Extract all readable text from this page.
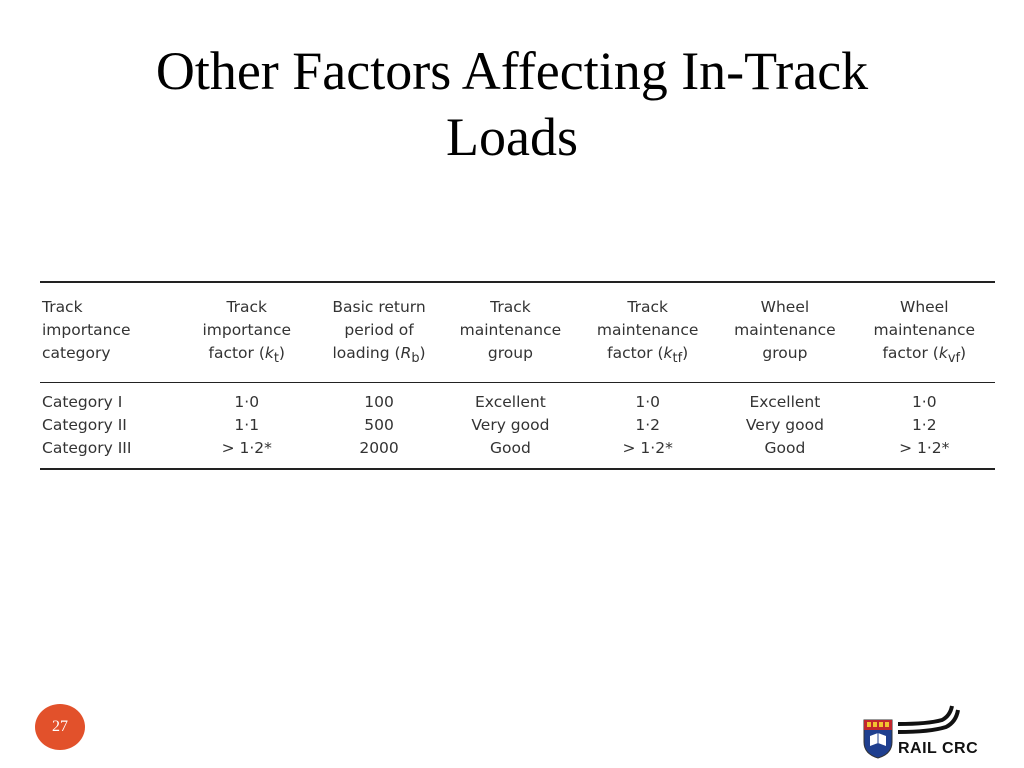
Other Factors Affecting In-Track
Loads
Track importance category	Track importance factor $(k_t)$	Basic return period of loading $(R_b)$	Track maintenance group	Track maintenance factor $(k_{tf})$	Wheel maintenance group	Wheel maintenance factor $(k_{vf})$
Category I	1·0	100	Excellent	1·0	Excellent	1·0
Category II	1·1	500	Very good	1·2	Very good	1·2
Category III	> 1·2*	2000	Good	> 1·2*	Good	> 1·2*
27
RAIL CRC
